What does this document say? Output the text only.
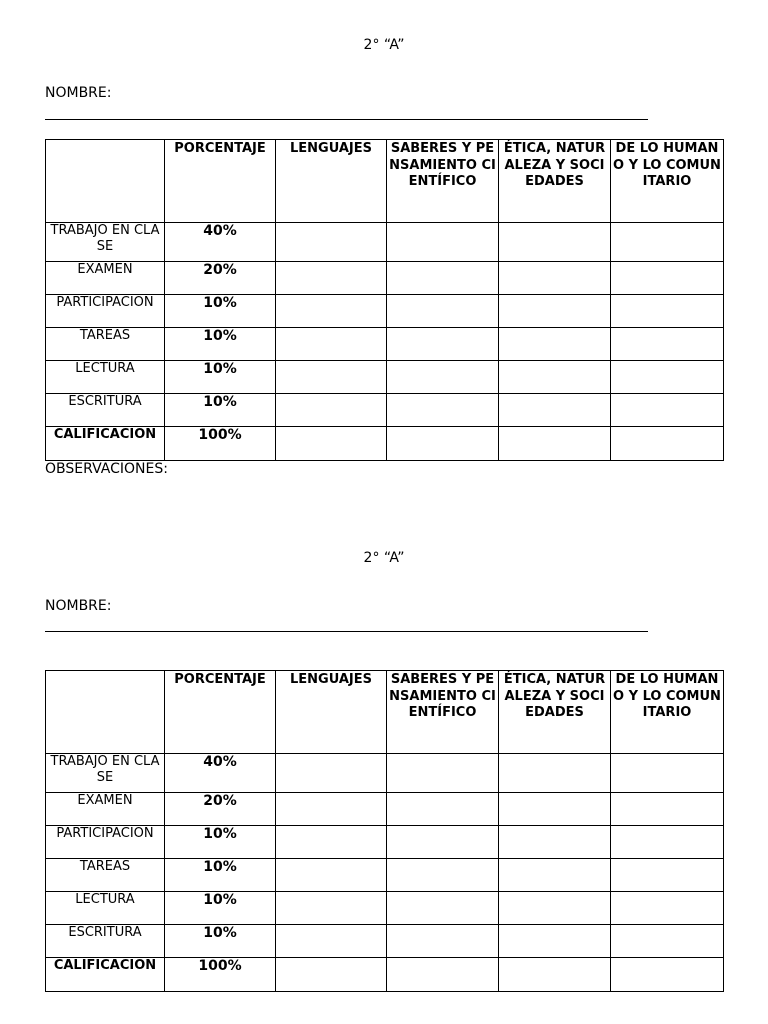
2° “A”
NOMBRE:
	PORCENTAJE	LENGUAJES	SABERES Y PENSAMIENTO CIENTÍFICO	ÉTICA, NATURALEZA Y SOCIEDADES	DE LO HUMANO Y LO COMUNITARIO
TRABAJO EN CLASE	40%				
EXAMEN	20%				
PARTICIPACIÓN	10%				
TAREAS	10%				
LECTURA	10%				
ESCRITURA	10%				
CALIFICACIÓN	100%				
OBSERVACIONES:
2° “A”
NOMBRE:
	PORCENTAJE	LENGUAJES	SABERES Y PENSAMIENTO CIENTÍFICO	ÉTICA, NATURALEZA Y SOCIEDADES	DE LO HUMANO Y LO COMUNITARIO
TRABAJO EN CLASE	40%				
EXAMEN	20%				
PARTICIPACIÓN	10%				
TAREAS	10%				
LECTURA	10%				
ESCRITURA	10%				
CALIFICACIÓN	100%				
